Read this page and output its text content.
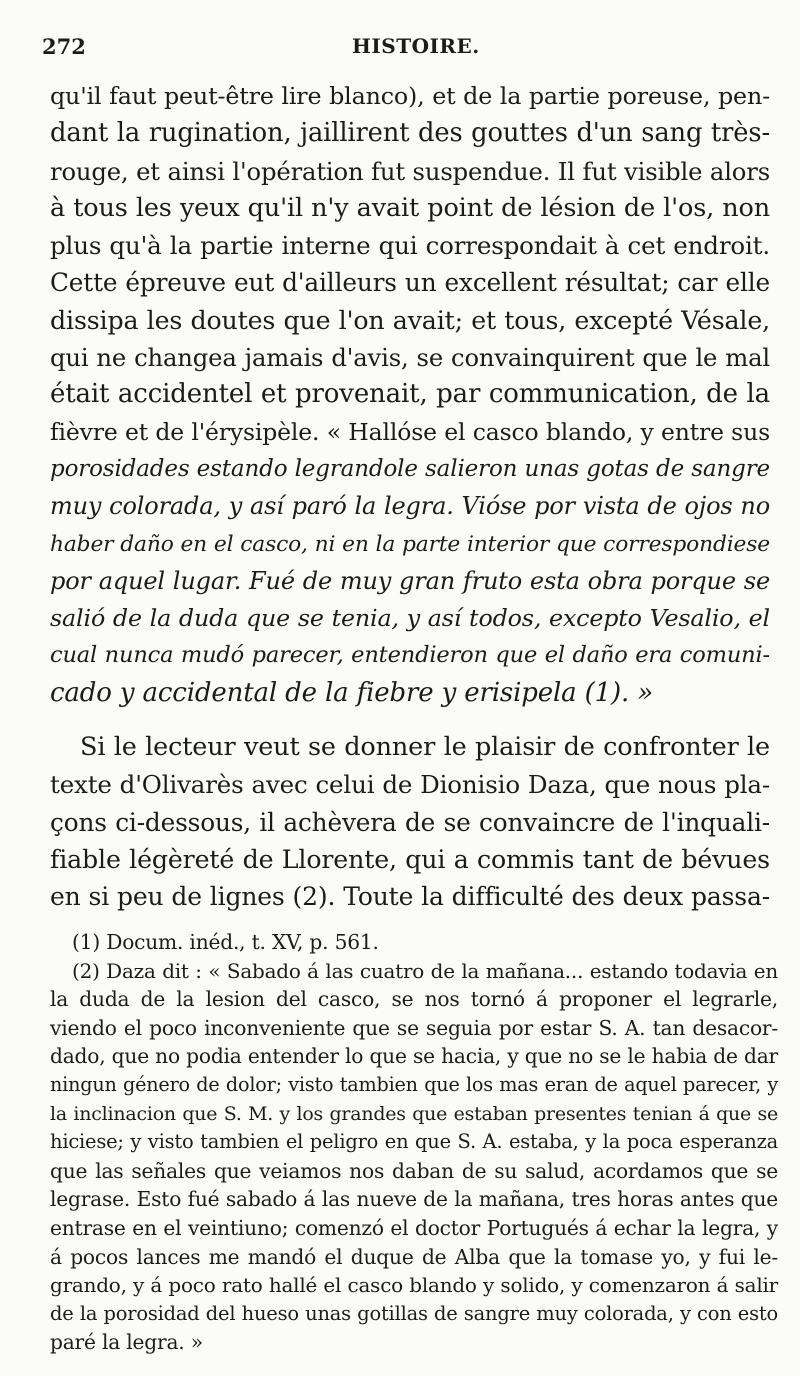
272	HISTOIRE.
qu'il faut peut-être lire blanco), et de la partie poreuse, pen-
dant la rugination, jaillirent des gouttes d'un sang très-
rouge, et ainsi l'opération fut suspendue. Il fut visible alors
à tous les yeux qu'il n'y avait point de lésion de l'os, non
plus qu'à la partie interne qui correspondait à cet endroit.
Cette épreuve eut d'ailleurs un excellent résultat; car elle
dissipa les doutes que l'on avait; et tous, excepté Vésale,
qui ne changea jamais d'avis, se convainquirent que le mal
était accidentel et provenait, par communication, de la
fièvre et de l'érysipèle. « Hallóse el casco blando, y entre sus
porosidades estando legrandole salieron unas gotas de sangre
muy colorada, y así paró la legra. Vióse por vista de ojos no
haber daño en el casco, ni en la parte interior que correspondiese
por aquel lugar. Fué de muy gran fruto esta obra porque se
salió de la duda que se tenia, y así todos, excepto Vesalio, el
cual nunca mudó parecer, entendieron que el daño era comuni-
cado y accidental de la fiebre y erisipela (1). »
Si le lecteur veut se donner le plaisir de confronter le
texte d'Olivarès avec celui de Dionisio Daza, que nous pla-
çons ci-dessous, il achèvera de se convaincre de l'inquali-
fiable légèreté de Llorente, qui a commis tant de bévues
en si peu de lignes (2). Toute la difficulté des deux passa-
(1) Docum. inéd., t. XV, p. 561.
(2) Daza dit : « Sabado á las cuatro de la mañana... estando todavia en
la duda de la lesion del casco, se nos tornó á proponer el legrarle,
viendo el poco inconveniente que se seguia por estar S. A. tan desacor-
dado, que no podia entender lo que se hacia, y que no se le habia de dar
ningun género de dolor; visto tambien que los mas eran de aquel parecer, y
la inclinacion que S. M. y los grandes que estaban presentes tenian á que se
hiciese; y visto tambien el peligro en que S. A. estaba, y la poca esperanza
que las señales que veiamos nos daban de su salud, acordamos que se
legrase. Esto fué sabado á las nueve de la mañana, tres horas antes que
entrase en el veintiuno; comenzó el doctor Portugués á echar la legra, y
á pocos lances me mandó el duque de Alba que la tomase yo, y fui le-
grando, y á poco rato hallé el casco blando y solido, y comenzaron á salir
de la porosidad del hueso unas gotillas de sangre muy colorada, y con esto
paré la legra. »
